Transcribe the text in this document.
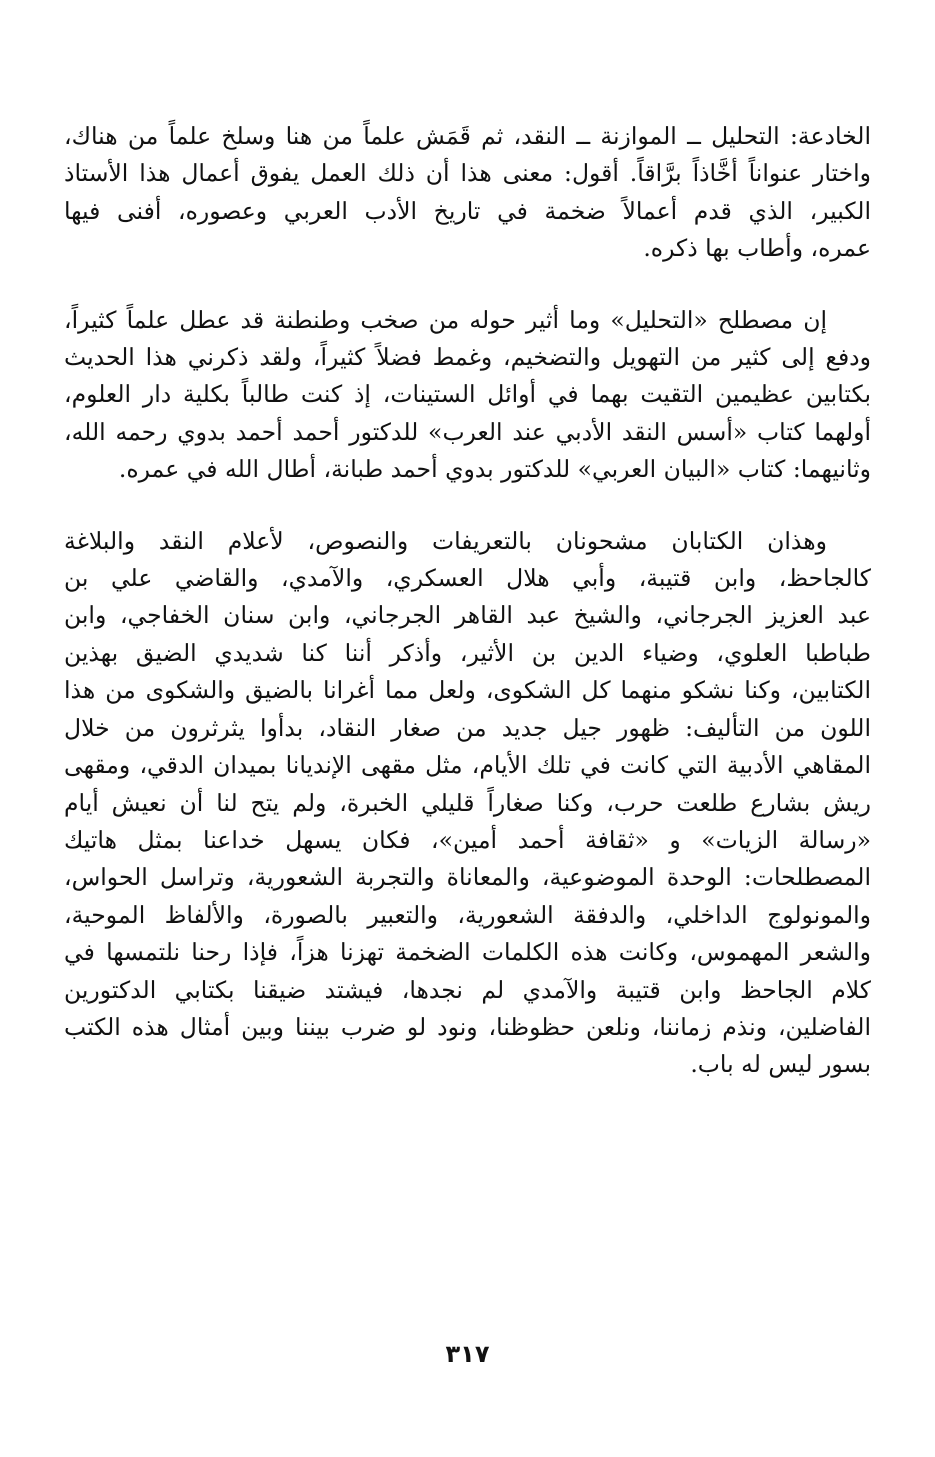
الخادعة: التحليل ــ الموازنة ــ النقد، ثم قَمَش علماً من هنا وسلخ علماً من هناك،
واختار عنواناً أخَّاذاً برَّاقاً. أقول: معنى هذا أن ذلك العمل يفوق أعمال هذا الأستاذ
الكبير، الذي قدم أعمالاً ضخمة في تاريخ الأدب العربي وعصوره، أفنى فيها
عمره، وأطاب بها ذكره.

إن مصطلح «التحليل» وما أثير حوله من صخب وطنطنة قد عطل علماً كثيراً،
ودفع إلى كثير من التهويل والتضخيم، وغمط فضلاً كثيراً، ولقد ذكرني هذا الحديث
بكتابين عظيمين التقيت بهما في أوائل الستينات، إذ كنت طالباً بكلية دار العلوم،
أولهما كتاب «أسس النقد الأدبي عند العرب» للدكتور أحمد أحمد بدوي رحمه الله،
وثانيهما: كتاب «البيان العربي» للدكتور بدوي أحمد طبانة، أطال الله في عمره.

وهذان الكتابان مشحونان بالتعريفات والنصوص، لأعلام النقد والبلاغة
كالجاحظ، وابن قتيبة، وأبي هلال العسكري، والآمدي، والقاضي علي بن
عبد العزيز الجرجاني، والشيخ عبد القاهر الجرجاني، وابن سنان الخفاجي، وابن
طباطبا العلوي، وضياء الدين بن الأثير، وأذكر أننا كنا شديدي الضيق بهذين
الكتابين، وكنا نشكو منهما كل الشكوى، ولعل مما أغرانا بالضيق والشكوى من هذا
اللون من التأليف: ظهور جيل جديد من صغار النقاد، بدأوا يثرثرون من خلال
المقاهي الأدبية التي كانت في تلك الأيام، مثل مقهى الإنديانا بميدان الدقي، ومقهى
ريش بشارع طلعت حرب، وكنا صغاراً قليلي الخبرة، ولم يتح لنا أن نعيش أيام
«رسالة الزيات» و «ثقافة أحمد أمين»، فكان يسهل خداعنا بمثل هاتيك
المصطلحات: الوحدة الموضوعية، والمعاناة والتجربة الشعورية، وتراسل الحواس،
والمونولوج الداخلي، والدفقة الشعورية، والتعبير بالصورة، والألفاظ الموحية،
والشعر المهموس، وكانت هذه الكلمات الضخمة تهزنا هزاً، فإذا رحنا نلتمسها في
كلام الجاحظ وابن قتيبة والآمدي لم نجدها، فيشتد ضيقنا بكتابي الدكتورين
الفاضلين، ونذم زماننا، ونلعن حظوظنا، ونود لو ضرب بيننا وبين أمثال هذه الكتب
بسور ليس له باب.

٣١٧
